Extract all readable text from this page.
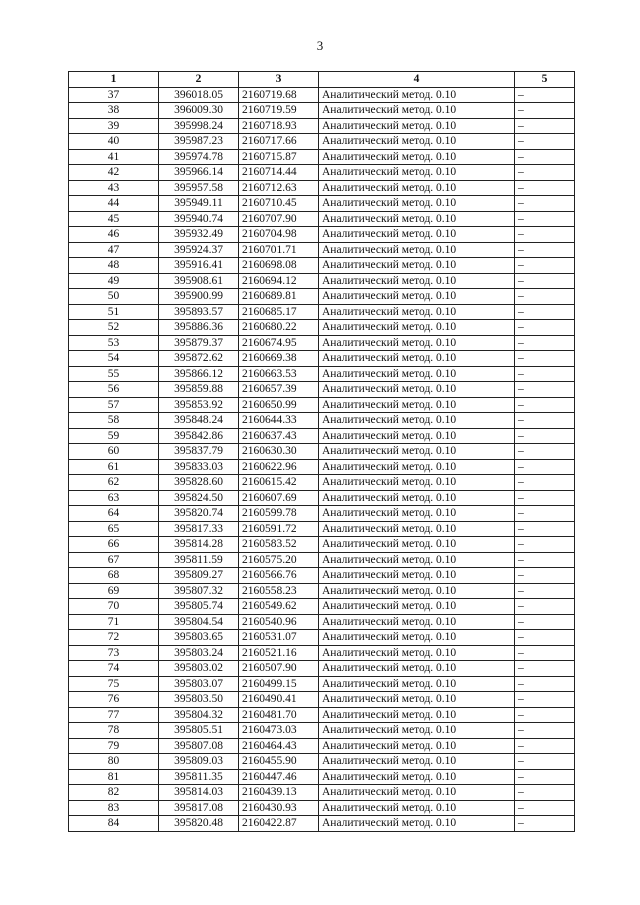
3
1	2	3	4	5
37	396018.05	2160719.68	Аналитический метод. 0.10	–
38	396009.30	2160719.59	Аналитический метод. 0.10	–
39	395998.24	2160718.93	Аналитический метод. 0.10	–
40	395987.23	2160717.66	Аналитический метод. 0.10	–
41	395974.78	2160715.87	Аналитический метод. 0.10	–
42	395966.14	2160714.44	Аналитический метод. 0.10	–
43	395957.58	2160712.63	Аналитический метод. 0.10	–
44	395949.11	2160710.45	Аналитический метод. 0.10	–
45	395940.74	2160707.90	Аналитический метод. 0.10	–
46	395932.49	2160704.98	Аналитический метод. 0.10	–
47	395924.37	2160701.71	Аналитический метод. 0.10	–
48	395916.41	2160698.08	Аналитический метод. 0.10	–
49	395908.61	2160694.12	Аналитический метод. 0.10	–
50	395900.99	2160689.81	Аналитический метод. 0.10	–
51	395893.57	2160685.17	Аналитический метод. 0.10	–
52	395886.36	2160680.22	Аналитический метод. 0.10	–
53	395879.37	2160674.95	Аналитический метод. 0.10	–
54	395872.62	2160669.38	Аналитический метод. 0.10	–
55	395866.12	2160663.53	Аналитический метод. 0.10	–
56	395859.88	2160657.39	Аналитический метод. 0.10	–
57	395853.92	2160650.99	Аналитический метод. 0.10	–
58	395848.24	2160644.33	Аналитический метод. 0.10	–
59	395842.86	2160637.43	Аналитический метод. 0.10	–
60	395837.79	2160630.30	Аналитический метод. 0.10	–
61	395833.03	2160622.96	Аналитический метод. 0.10	–
62	395828.60	2160615.42	Аналитический метод. 0.10	–
63	395824.50	2160607.69	Аналитический метод. 0.10	–
64	395820.74	2160599.78	Аналитический метод. 0.10	–
65	395817.33	2160591.72	Аналитический метод. 0.10	–
66	395814.28	2160583.52	Аналитический метод. 0.10	–
67	395811.59	2160575.20	Аналитический метод. 0.10	–
68	395809.27	2160566.76	Аналитический метод. 0.10	–
69	395807.32	2160558.23	Аналитический метод. 0.10	–
70	395805.74	2160549.62	Аналитический метод. 0.10	–
71	395804.54	2160540.96	Аналитический метод. 0.10	–
72	395803.65	2160531.07	Аналитический метод. 0.10	–
73	395803.24	2160521.16	Аналитический метод. 0.10	–
74	395803.02	2160507.90	Аналитический метод. 0.10	–
75	395803.07	2160499.15	Аналитический метод. 0.10	–
76	395803.50	2160490.41	Аналитический метод. 0.10	–
77	395804.32	2160481.70	Аналитический метод. 0.10	–
78	395805.51	2160473.03	Аналитический метод. 0.10	–
79	395807.08	2160464.43	Аналитический метод. 0.10	–
80	395809.03	2160455.90	Аналитический метод. 0.10	–
81	395811.35	2160447.46	Аналитический метод. 0.10	–
82	395814.03	2160439.13	Аналитический метод. 0.10	–
83	395817.08	2160430.93	Аналитический метод. 0.10	–
84	395820.48	2160422.87	Аналитический метод. 0.10	–
